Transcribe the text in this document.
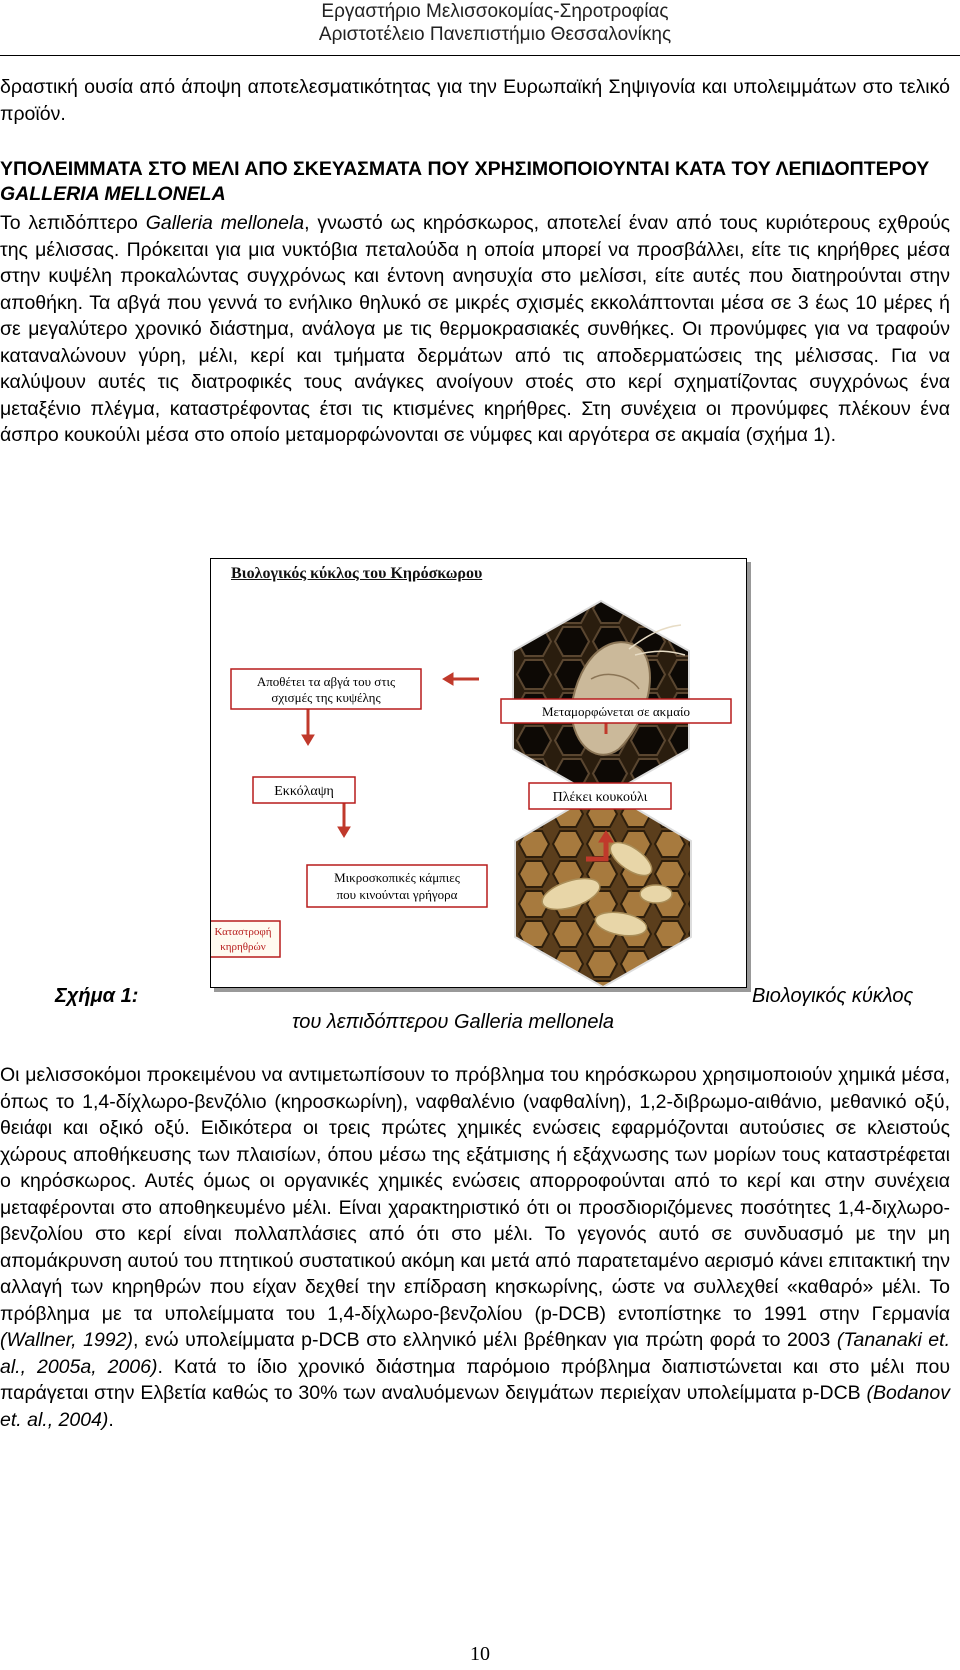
Εργαστήριο Μελισσοκομίας-Σηροτροφίας
Αριστοτέλειο Πανεπιστήμιο Θεσσαλονίκης
δραστική ουσία από άποψη αποτελεσματικότητας για την Ευρωπαϊκή Σηψιγονία και υπολειμμάτων στο τελικό προϊόν.
ΥΠΟΛΕΙΜΜΑΤΑ ΣΤΟ ΜΕΛΙ ΑΠΟ ΣΚΕΥΑΣΜΑΤΑ ΠΟΥ ΧΡΗΣΙΜΟΠΟΙΟΥΝΤΑΙ ΚΑΤΑ ΤΟΥ ΛΕΠΙΔΟΠΤΕΡΟΥ GALLERIA MELLONELA
Το λεπιδόπτερο Galleria mellonela, γνωστό ως κηρόσκωρος, αποτελεί έναν από τους κυριότερους εχθρούς της μέλισσας. Πρόκειται για μια νυκτόβια πεταλούδα η οποία μπορεί να προσβάλλει, είτε τις κηρήθρες μέσα στην κυψέλη προκαλώντας συγχρόνως και έντονη ανησυχία στο μελίσσι, είτε αυτές που διατηρούνται στην αποθήκη. Τα αβγά που γεννά το ενήλικο θηλυκό σε μικρές σχισμές εκκολάπτονται μέσα σε 3 έως 10 μέρες ή σε μεγαλύτερο χρονικό διάστημα, ανάλογα με τις θερμοκρασιακές συνθήκες. Οι προνύμφες για να τραφούν καταναλώνουν γύρη, μέλι, κερί και τμήματα δερμάτων από τις αποδερματώσεις της μέλισσας. Για να καλύψουν αυτές τις διατροφικές τους ανάγκες ανοίγουν στοές στο κερί σχηματίζοντας συγχρόνως ένα μεταξένιο πλέγμα, καταστρέφοντας έτσι τις κτισμένες κηρήθρες. Στη συνέχεια οι προνύμφες πλέκουν ένα άσπρο κουκούλι μέσα στο οποίο μεταμορφώνονται σε νύμφες και αργότερα σε ακμαία (σχήμα 1).
Βιολογικός κύκλος του Κηρόσκωρου
Αποθέτει τα αβγά του στις
σχισμές της κυψέλης
Μεταμορφώνεται σε ακμαίο
Εκκόλαψη	Πλέκει κουκούλι
Μικροσκοπικές κάμπιες
που κινούνται γρήγορα
Καταστροφή
κηρηθρών
Σχήμα 1:	Βιολογικός κύκλος
του λεπιδόπτερου Galleria mellonela
Οι μελισσοκόμοι προκειμένου να αντιμετωπίσουν το πρόβλημα του κηρόσκωρου χρησιμοποιούν χημικά μέσα, όπως το 1,4-δίχλωρο-βενζόλιο (κηροσκωρίνη), ναφθαλένιο (ναφθαλίνη), 1,2-διβρωμο-αιθάνιο, μεθανικό οξύ, θειάφι και οξικό οξύ. Ειδικότερα οι τρεις πρώτες χημικές ενώσεις εφαρμόζονται αυτούσιες σε κλειστούς χώρους αποθήκευσης των πλαισίων, όπου μέσω της εξάτμισης ή εξάχνωσης των μορίων τους καταστρέφεται ο κηρόσκωρος. Αυτές όμως οι οργανικές χημικές ενώσεις απορροφούνται από το κερί και στην συνέχεια μεταφέρονται στο αποθηκευμένο μέλι. Είναι χαρακτηριστικό ότι οι προσδιοριζόμενες ποσότητες 1,4-διχλωρο-βενζολίου στο κερί είναι πολλαπλάσιες από ότι στο μέλι. Το γεγονός αυτό σε συνδυασμό με την μη απομάκρυνση αυτού του πτητικού συστατικού ακόμη και μετά από παρατεταμένο αερισμό κάνει επιτακτική την αλλαγή των κηρηθρών που είχαν δεχθεί την επίδραση κησκωρίνης, ώστε να συλλεχθεί «καθαρό» μέλι. Το πρόβλημα με τα υπολείμματα του 1,4-δίχλωρο-βενζολίου (p-DCB) εντοπίστηκε το 1991 στην Γερμανία (Wallner, 1992), ενώ υπολείμματα p-DCB στο ελληνικό μέλι βρέθηκαν για πρώτη φορά το 2003 (Tananaki et. al., 2005a, 2006). Κατά το ίδιο χρονικό διάστημα παρόμοιο πρόβλημα διαπιστώνεται και στο μέλι που παράγεται στην Ελβετία καθώς το 30% των αναλυόμενων δειγμάτων περιείχαν υπολείμματα p-DCB (Bodanov et. al., 2004).
10
